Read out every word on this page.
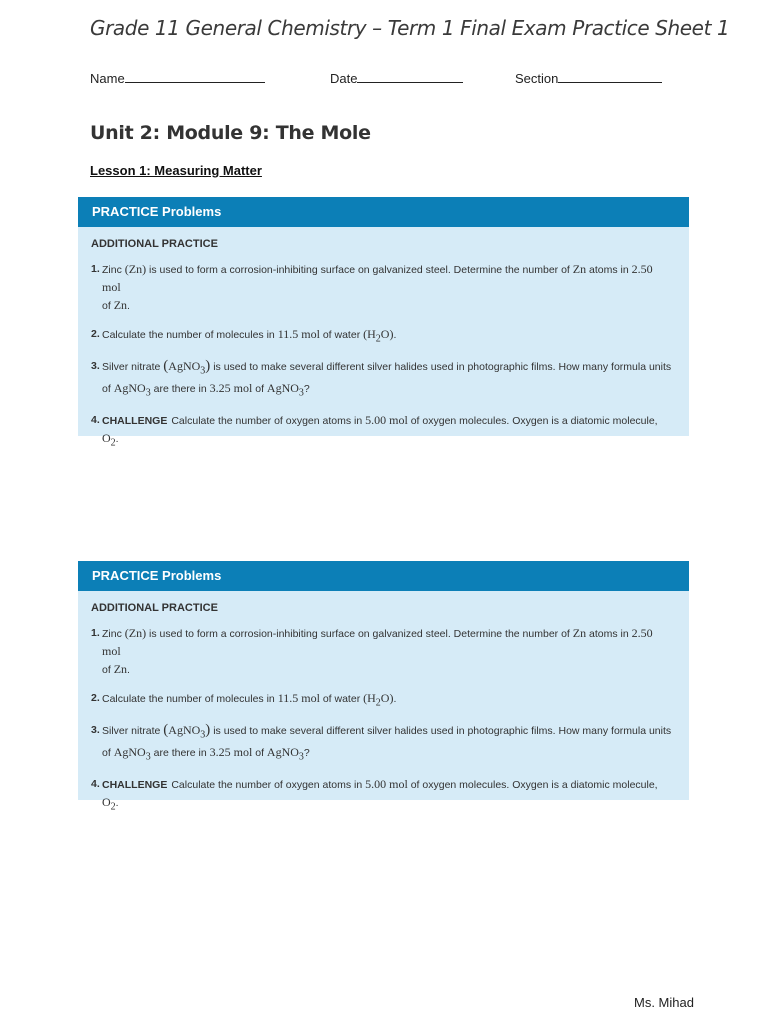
Grade 11 General Chemistry – Term 1 Final Exam Practice Sheet 1
Name	Date	Section
Unit 2: Module 9: The Mole
Lesson 1: Measuring Matter
PRACTICE Problems
ADDITIONAL PRACTICE
1. Zinc (Zn) is used to form a corrosion-inhibiting surface on galvanized steel. Determine the number of Zn atoms in 2.50 mol
of Zn.
2. Calculate the number of molecules in 11.5 mol of water $(H_2O)$.
3. Silver nitrate (AgNO$_3$) is used to make several different silver halides used in photographic films. How many formula units of AgNO$_3$ are there in 3.25 mol of AgNO$_3$?
4. CHALLENGE Calculate the number of oxygen atoms in 5.00 mol of oxygen molecules. Oxygen is a diatomic molecule, $O_2$.
PRACTICE Problems
ADDITIONAL PRACTICE
1. Zinc (Zn) is used to form a corrosion-inhibiting surface on galvanized steel. Determine the number of Zn atoms in 2.50 mol
of Zn.
2. Calculate the number of molecules in 11.5 mol of water $(H_2O)$.
3. Silver nitrate (AgNO$_3$) is used to make several different silver halides used in photographic films. How many formula units of AgNO$_3$ are there in 3.25 mol of AgNO$_3$?
4. CHALLENGE Calculate the number of oxygen atoms in 5.00 mol of oxygen molecules. Oxygen is a diatomic molecule, $O_2$.
Ms. Mihad
